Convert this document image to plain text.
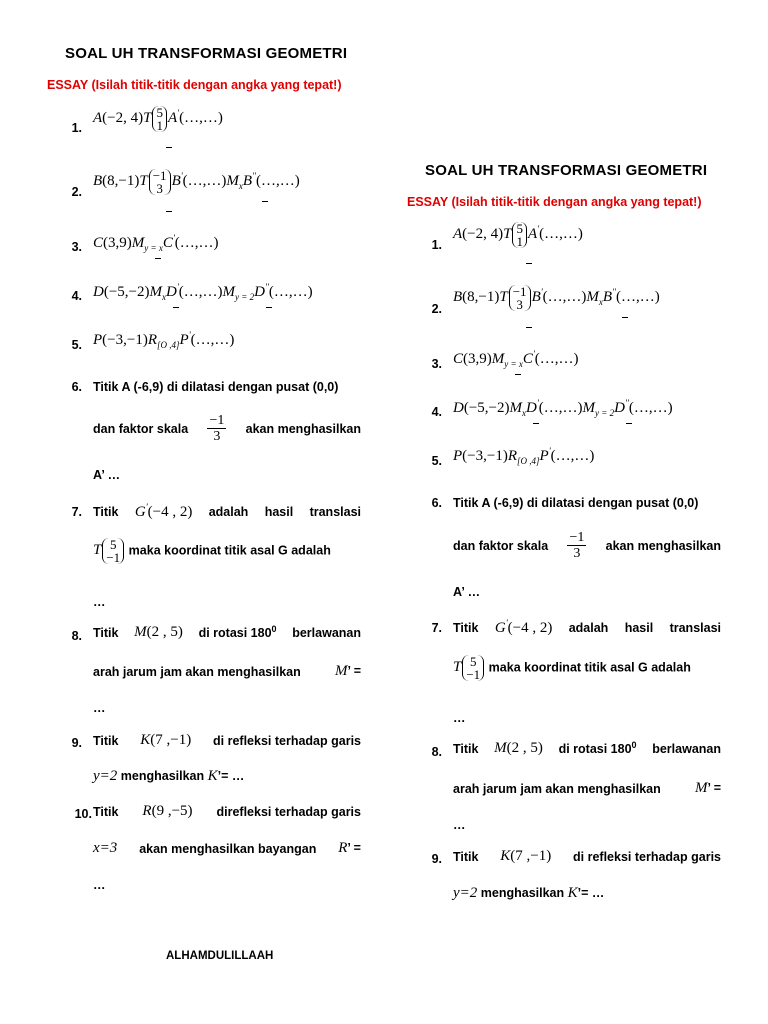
SOAL UH TRANSFORMASI GEOMETRI
ESSAY (Isilah titik-titik dengan angka yang tepat!)
1.
A(−2, 4)T 5
1 A'(…,…)
2.
B(8,−1)T −1
3 $B'(\dots,\dots)M_xB''(\dots,\dots)$
3. $C(3,9)M_{y = x}C'(\dots,\dots)$
4. $D(-5,-2)M_xD'(\dots,\dots)M_{y = 2}D''(\dots,\dots)$
5. $P(-3,-1)R_{[O ,4]}P'(\dots,\dots)$
6. Titik A (-6,9) di dilatasi dengan pusat (0,0)
dan faktor skala $\frac{-1}{3}$ akan menghasilkan
A’ …
7. Titik G'(−4 , 2) adalah hasil translasi
T 5
−1 maka koordinat titik asal G adalah
…
8. Titik M(2 , 5) di rotasi $180^0$ berlawanan
arah jarum jam akan menghasilkan M’ =
…
9. Titik K(7 ,−1) di refleksi terhadap garis
y=2 menghasilkan K’= …
10. Titik R(9 ,−5) direfleksi terhadap garis
x=3 akan menghasilkan bayangan R’ =
…
ALHAMDULILLAAH
SOAL UH TRANSFORMASI GEOMETRI
ESSAY (Isilah titik-titik dengan angka yang tepat!)
1.
A(−2, 4)T 5
1 A'(…,…)
2.
B(8,−1)T −1
3 $B'(\dots,\dots)M_xB''(\dots,\dots)$
3. $C(3,9)M_{y = x}C'(\dots,\dots)$
4. $D(-5,-2)M_xD'(\dots,\dots)M_{y = 2}D''(\dots,\dots)$
5. $P(-3,-1)R_{[O ,4]}P'(\dots,\dots)$
6. Titik A (-6,9) di dilatasi dengan pusat (0,0)
dan faktor skala $\frac{-1}{3}$ akan menghasilkan
A’ …
7. Titik G'(−4 , 2) adalah hasil translasi
T 5
−1 maka koordinat titik asal G adalah
…
8. Titik M(2 , 5) di rotasi $180^0$ berlawanan
arah jarum jam akan menghasilkan M’ =
…
9. Titik K(7 ,−1) di refleksi terhadap garis
y=2 menghasilkan K’= …
